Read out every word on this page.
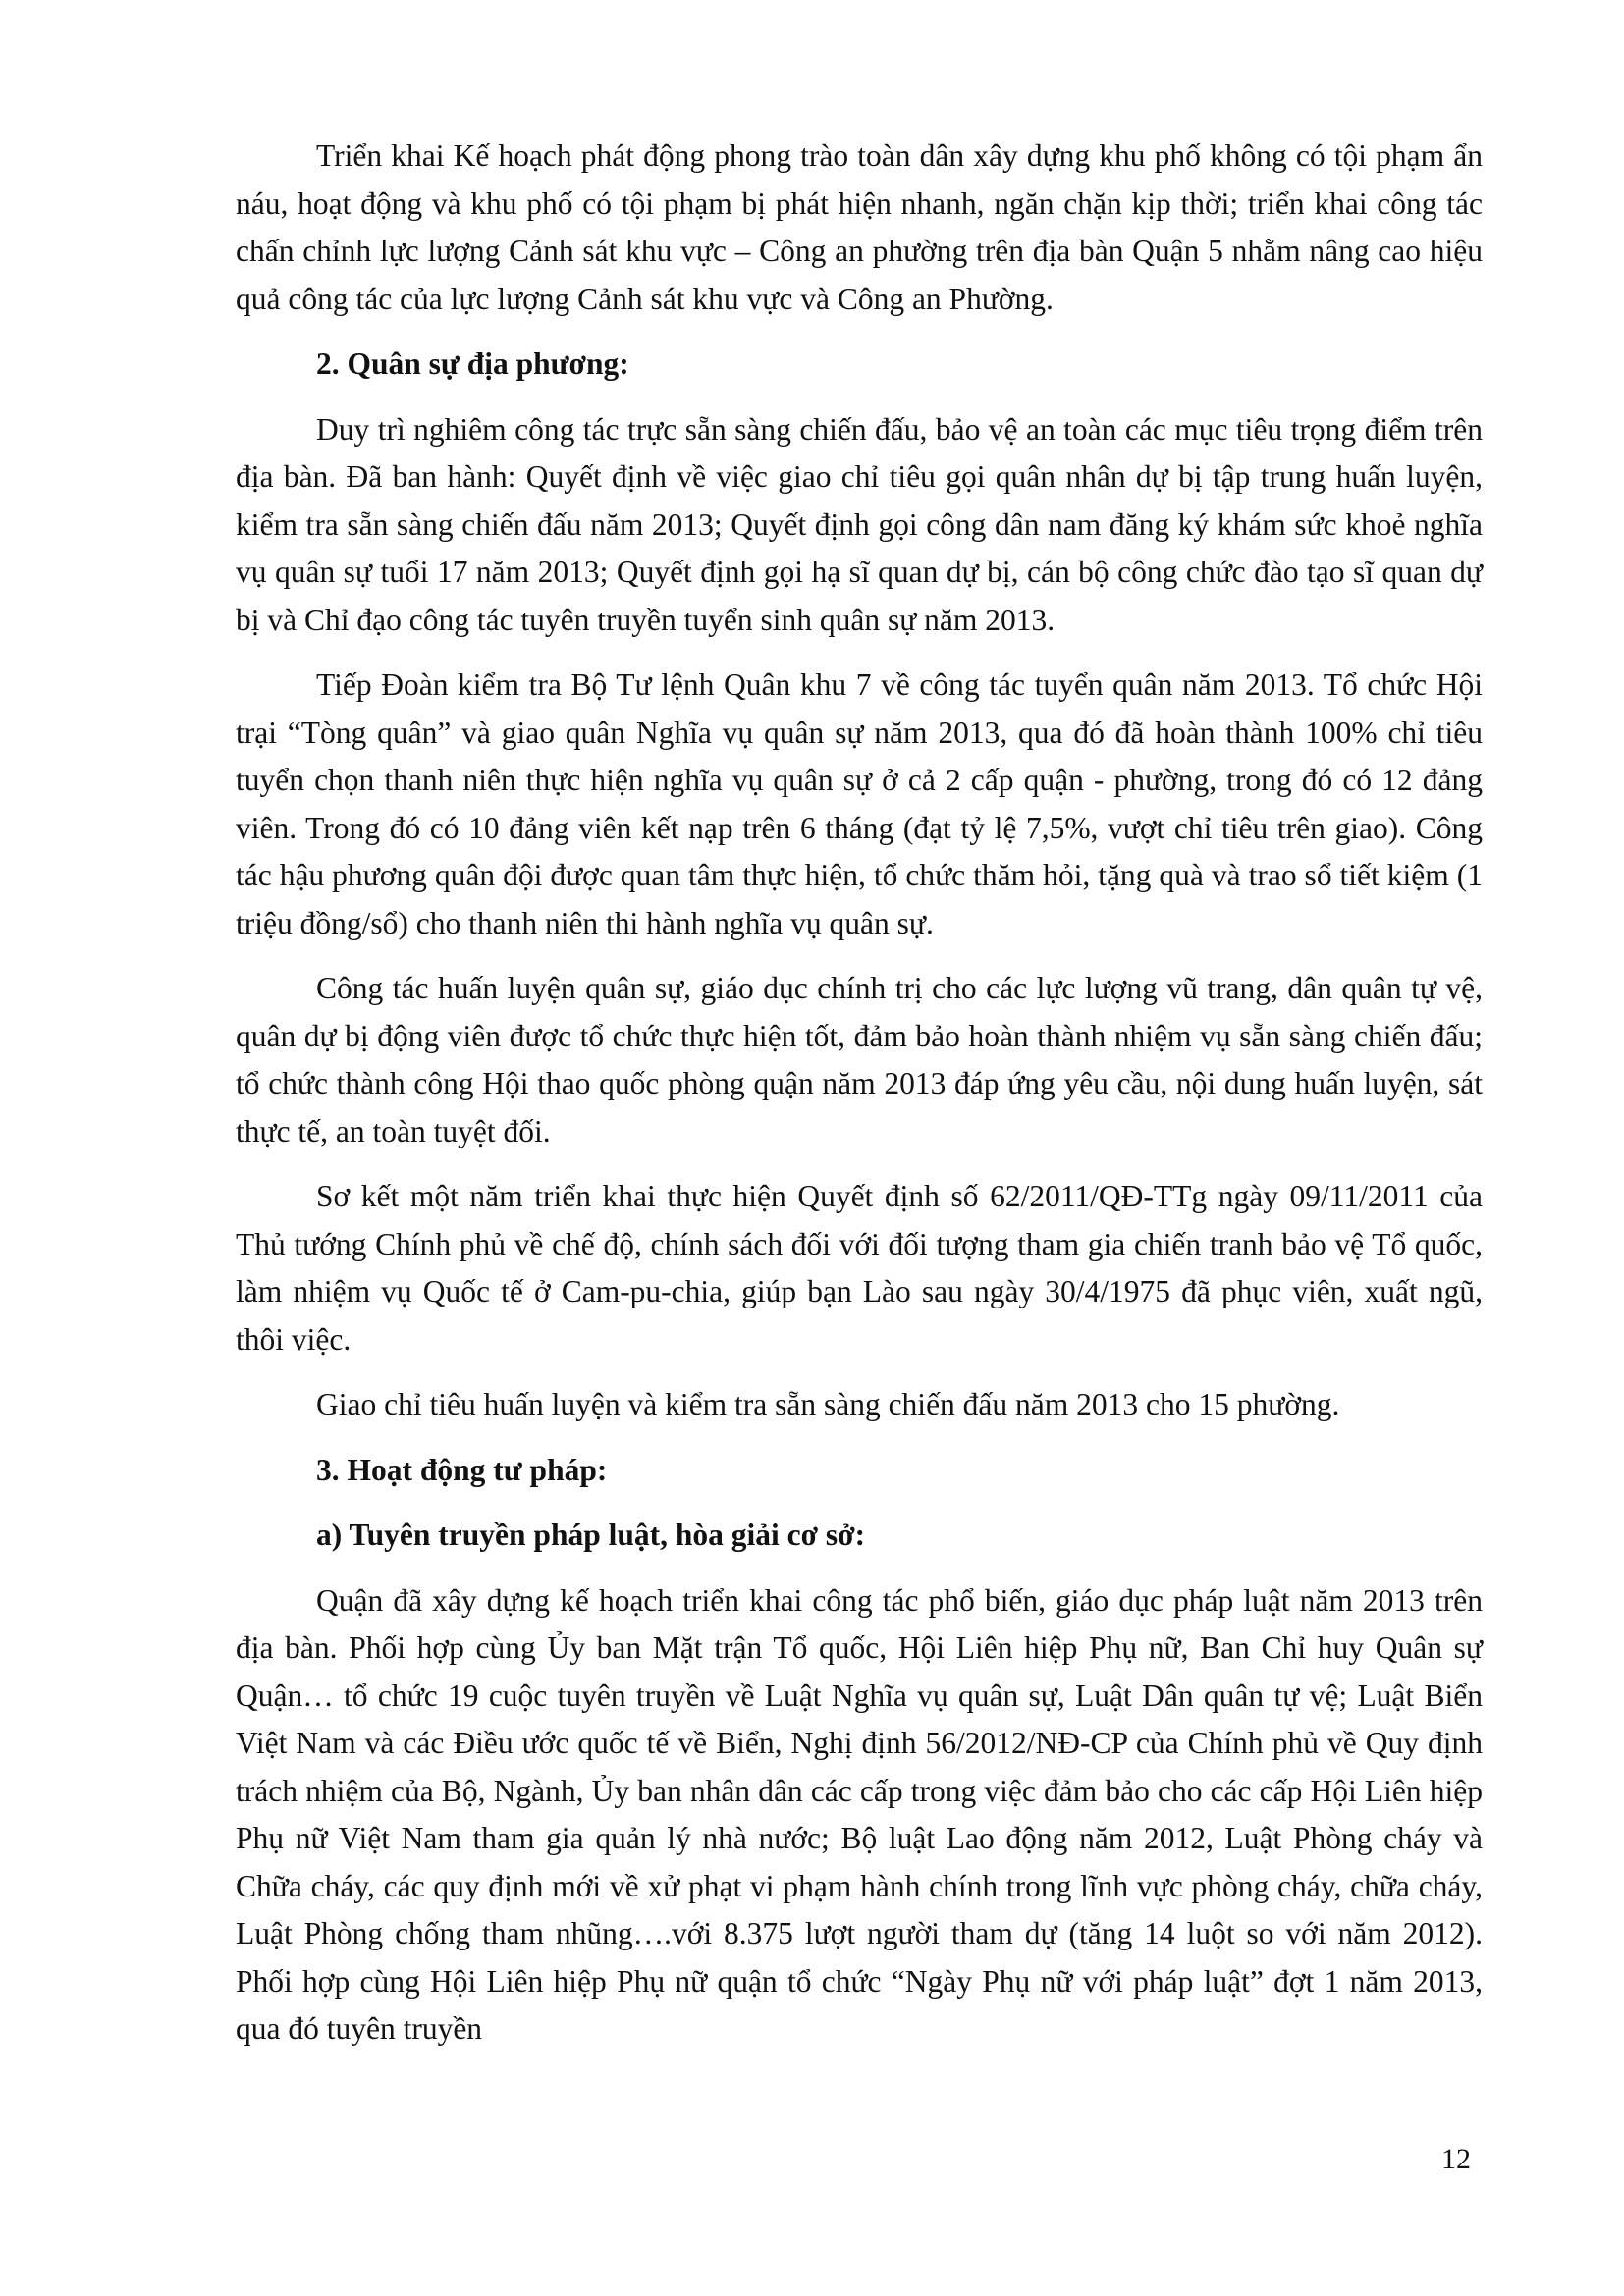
Triển khai Kế hoạch phát động phong trào toàn dân xây dựng khu phố không có tội phạm ẩn náu, hoạt động và khu phố có tội phạm bị phát hiện nhanh, ngăn chặn kịp thời; triển khai công tác chấn chỉnh lực lượng Cảnh sát khu vực – Công an phường trên địa bàn Quận 5 nhằm nâng cao hiệu quả công tác của lực lượng Cảnh sát khu vực và Công an Phường.

2. Quân sự địa phương:

Duy trì nghiêm công tác trực sẵn sàng chiến đấu, bảo vệ an toàn các mục tiêu trọng điểm trên địa bàn. Đã ban hành: Quyết định về việc giao chỉ tiêu gọi quân nhân dự bị tập trung huấn luyện, kiểm tra sẵn sàng chiến đấu năm 2013; Quyết định gọi công dân nam đăng ký khám sức khoẻ nghĩa vụ quân sự tuổi 17 năm 2013; Quyết định gọi hạ sĩ quan dự bị, cán bộ công chức đào tạo sĩ quan dự bị và Chỉ đạo công tác tuyên truyền tuyển sinh quân sự năm 2013.

Tiếp Đoàn kiểm tra Bộ Tư lệnh Quân khu 7 về công tác tuyển quân năm 2013. Tổ chức Hội trại “Tòng quân” và giao quân Nghĩa vụ quân sự năm 2013, qua đó đã hoàn thành 100% chỉ tiêu tuyển chọn thanh niên thực hiện nghĩa vụ quân sự ở cả 2 cấp quận - phường, trong đó có 12 đảng viên. Trong đó có 10 đảng viên kết nạp trên 6 tháng (đạt tỷ lệ 7,5%, vượt chỉ tiêu trên giao). Công tác hậu phương quân đội được quan tâm thực hiện, tổ chức thăm hỏi, tặng quà và trao sổ tiết kiệm (1 triệu đồng/sổ) cho thanh niên thi hành nghĩa vụ quân sự.

Công tác huấn luyện quân sự, giáo dục chính trị cho các lực lượng vũ trang, dân quân tự vệ, quân dự bị động viên được tổ chức thực hiện tốt, đảm bảo hoàn thành nhiệm vụ sẵn sàng chiến đấu; tổ chức thành công Hội thao quốc phòng quận năm 2013 đáp ứng yêu cầu, nội dung huấn luyện, sát thực tế, an toàn tuyệt đối.

Sơ kết một năm triển khai thực hiện Quyết định số 62/2011/QĐ-TTg ngày 09/11/2011 của Thủ tướng Chính phủ về chế độ, chính sách đối với đối tượng tham gia chiến tranh bảo vệ Tổ quốc, làm nhiệm vụ Quốc tế ở Cam-pu-chia, giúp bạn Lào sau ngày 30/4/1975 đã phục viên, xuất ngũ, thôi việc.

Giao chỉ tiêu huấn luyện và kiểm tra sẵn sàng chiến đấu năm 2013 cho 15 phường.

3. Hoạt động tư pháp:

a) Tuyên truyền pháp luật, hòa giải cơ sở:

Quận đã xây dựng kế hoạch triển khai công tác phổ biến, giáo dục pháp luật năm 2013 trên địa bàn. Phối hợp cùng Ủy ban Mặt trận Tổ quốc, Hội Liên hiệp Phụ nữ, Ban Chỉ huy Quân sự Quận… tổ chức 19 cuộc tuyên truyền về Luật Nghĩa vụ quân sự, Luật Dân quân tự vệ; Luật Biển Việt Nam và các Điều ước quốc tế về Biển, Nghị định 56/2012/NĐ-CP của Chính phủ về Quy định trách nhiệm của Bộ, Ngành, Ủy ban nhân dân các cấp trong việc đảm bảo cho các cấp Hội Liên hiệp Phụ nữ Việt Nam tham gia quản lý nhà nước; Bộ luật Lao động năm 2012, Luật Phòng cháy và Chữa cháy, các quy định mới về xử phạt vi phạm hành chính trong lĩnh vực phòng cháy, chữa cháy, Luật Phòng chống tham nhũng….với 8.375 lượt người tham dự (tăng 14 luột so với năm 2012). Phối hợp cùng Hội Liên hiệp Phụ nữ quận tổ chức “Ngày Phụ nữ với pháp luật” đợt 1 năm 2013, qua đó tuyên truyền

12
